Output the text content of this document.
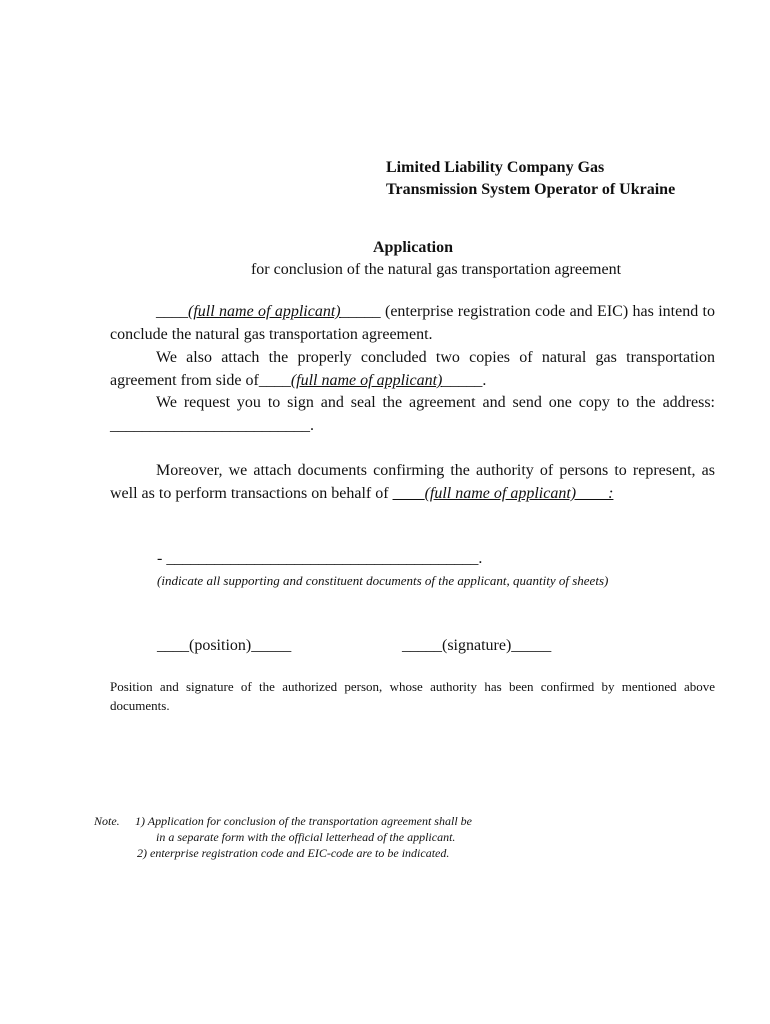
Limited Liability Company Gas
Transmission System Operator of Ukraine
Application
for conclusion of the natural gas transportation agreement

____(full name of applicant)_____ (enterprise registration code and EIC) has intend to conclude the natural gas transportation agreement.

We also attach the properly concluded two copies of natural gas transportation agreement from side of____(full name of applicant)_____.

We request you to sign and seal the agreement and send one copy to the address: _________________________.

Moreover, we attach documents confirming the authority of persons to represent, as well as to perform transactions on behalf of ____(full name of applicant)____:

- _______________________________________.
(indicate all supporting and constituent documents of the applicant, quantity of sheets)
____(position)_____	_____(signature)_____

Position and signature of the authorized person, whose authority has been confirmed by mentioned above documents.

Note. 1) Application for conclusion of the transportation agreement shall be
in a separate form with the official letterhead of the applicant.
2) enterprise registration code and EIC-code are to be indicated.
